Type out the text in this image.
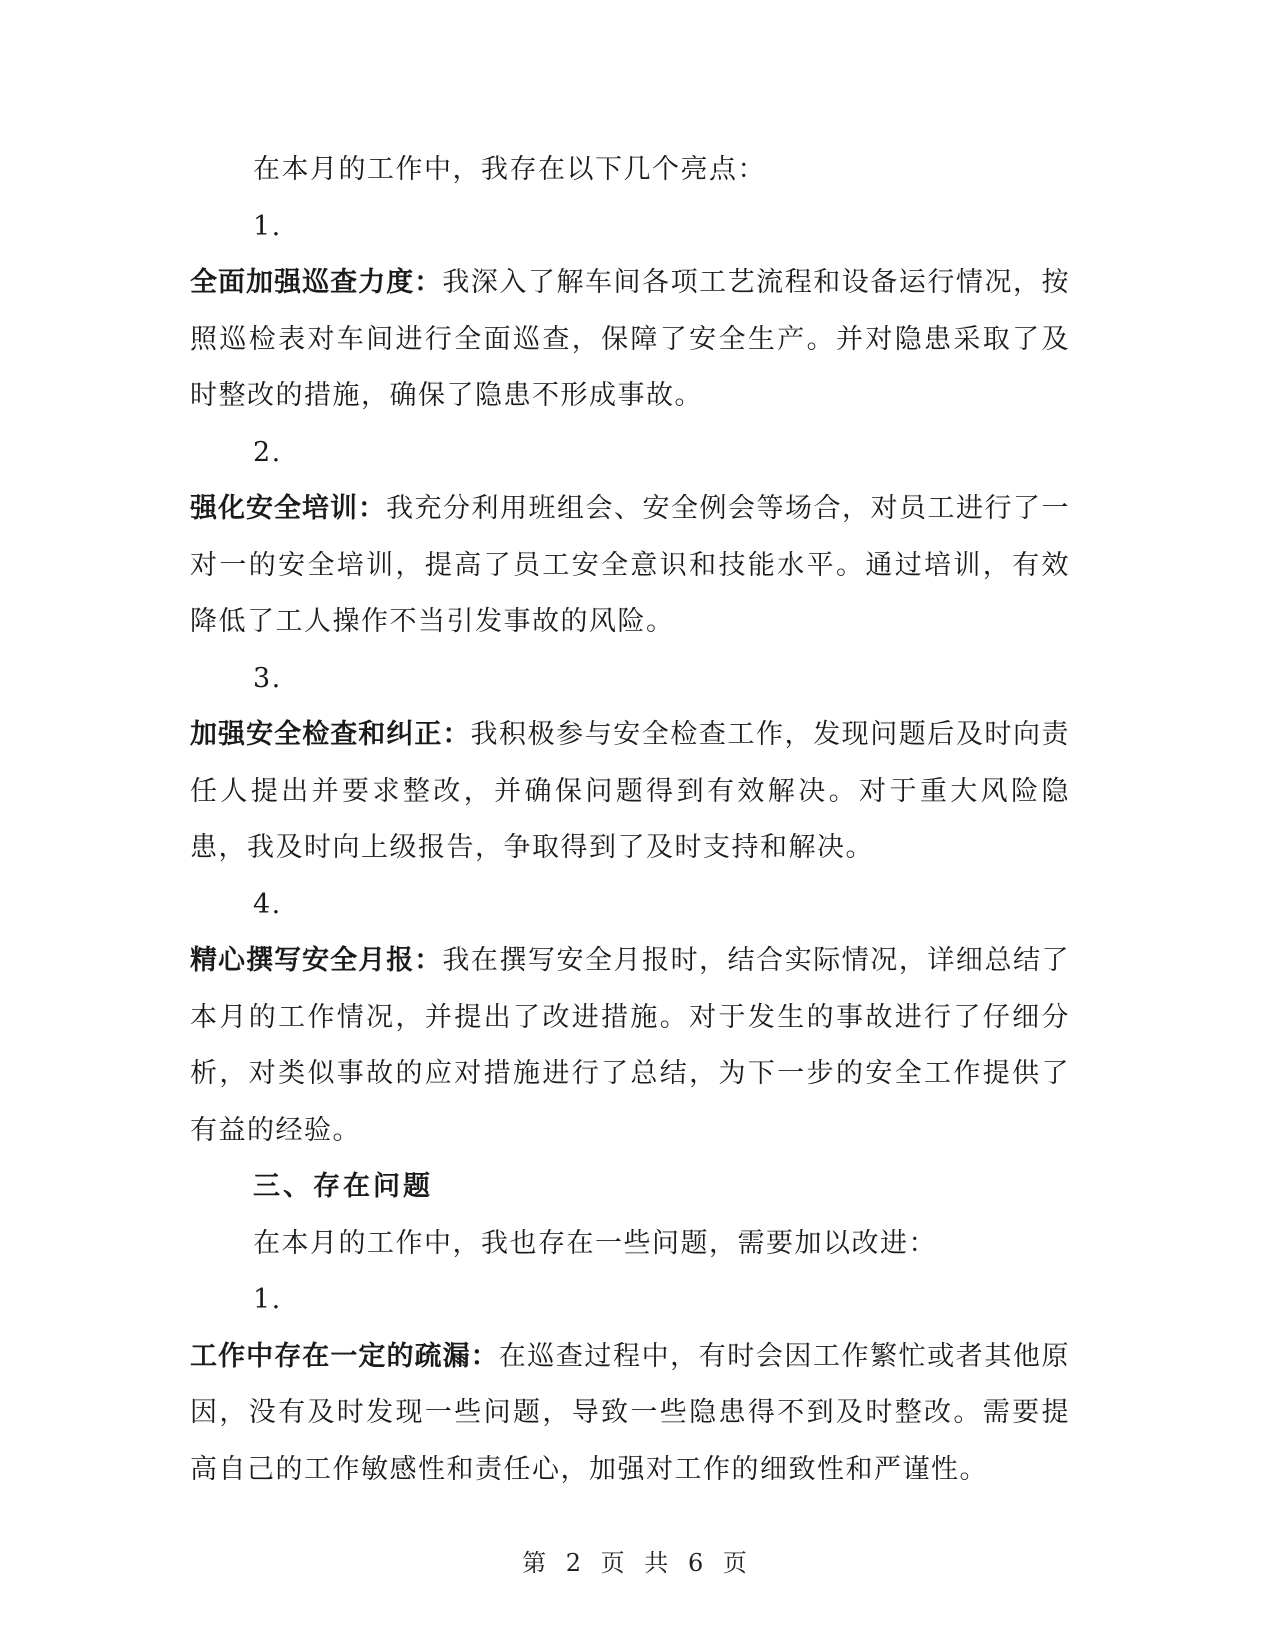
在本月的工作中，我存在以下几个亮点：

1.

全面加强巡查力度：我深入了解车间各项工艺流程和设备运行情况，按照巡检表对车间进行全面巡查，保障了安全生产。并对隐患采取了及时整改的措施，确保了隐患不形成事故。

2.

强化安全培训：我充分利用班组会、安全例会等场合，对员工进行了一对一的安全培训，提高了员工安全意识和技能水平。通过培训，有效降低了工人操作不当引发事故的风险。

3.

加强安全检查和纠正：我积极参与安全检查工作，发现问题后及时向责任人提出并要求整改，并确保问题得到有效解决。对于重大风险隐患，我及时向上级报告，争取得到了及时支持和解决。

4.

精心撰写安全月报：我在撰写安全月报时，结合实际情况，详细总结了本月的工作情况，并提出了改进措施。对于发生的事故进行了仔细分析，对类似事故的应对措施进行了总结，为下一步的安全工作提供了有益的经验。

三、存在问题

在本月的工作中，我也存在一些问题，需要加以改进：

1.

工作中存在一定的疏漏：在巡查过程中，有时会因工作繁忙或者其他原因，没有及时发现一些问题，导致一些隐患得不到及时整改。需要提高自己的工作敏感性和责任心，加强对工作的细致性和严谨性。

第 2 页 共 6 页
